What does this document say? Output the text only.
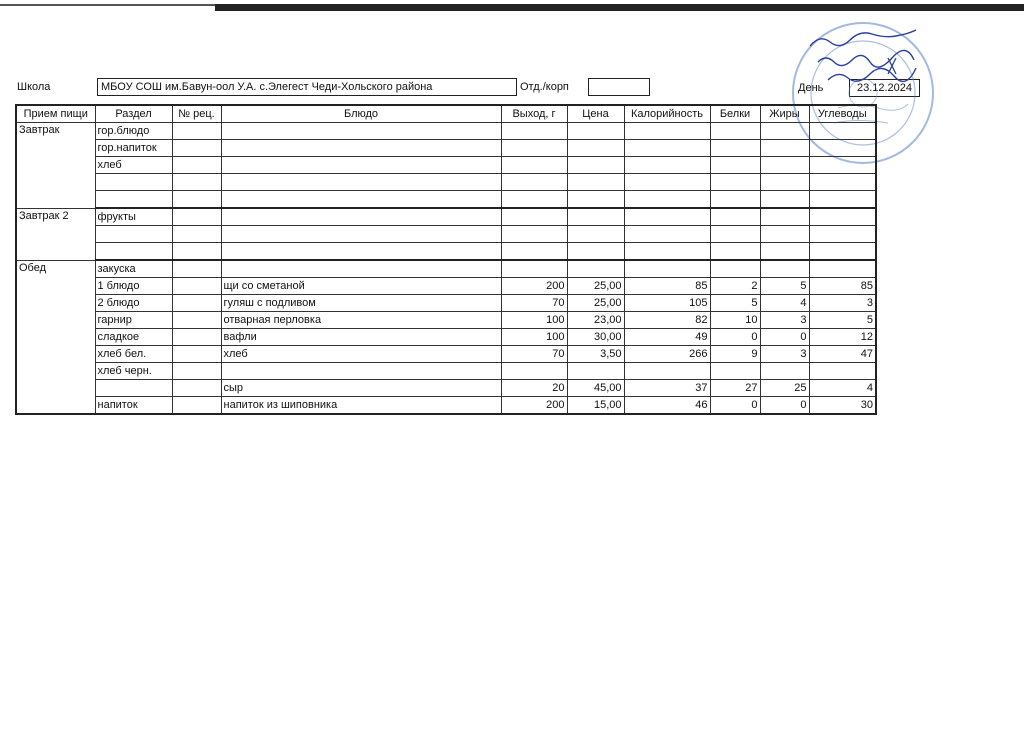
Школа	МБОУ СОШ им.Бавун-оол У.А. с.Элегест Чеди-Хольского района	Отд./корп	День	23.12.2024
Прием пищи	Раздел	№ рец.	Блюдо	Выход, г	Цена	Калорийность	Белки	Жиры	Углеводы
Завтрак	гор.блюдо								
	гор.напиток								
	хлеб								

Завтрак 2	фрукты								

Обед	закуска								
	1 блюдо		щи со сметаной	200	25,00	85	2	5	85
	2 блюдо		гуляш с подливом	70	25,00	105	5	4	3
	гарнир		отварная перловка	100	23,00	82	10	3	5
	сладкое		вафли	100	30,00	49	0	0	12
	хлеб бел.		хлеб	70	3,50	266	9	3	47
	хлеб черн.								
			сыр	20	45,00	37	27	25	4
	напиток		напиток из шиповника	200	15,00	46	0	0	30
